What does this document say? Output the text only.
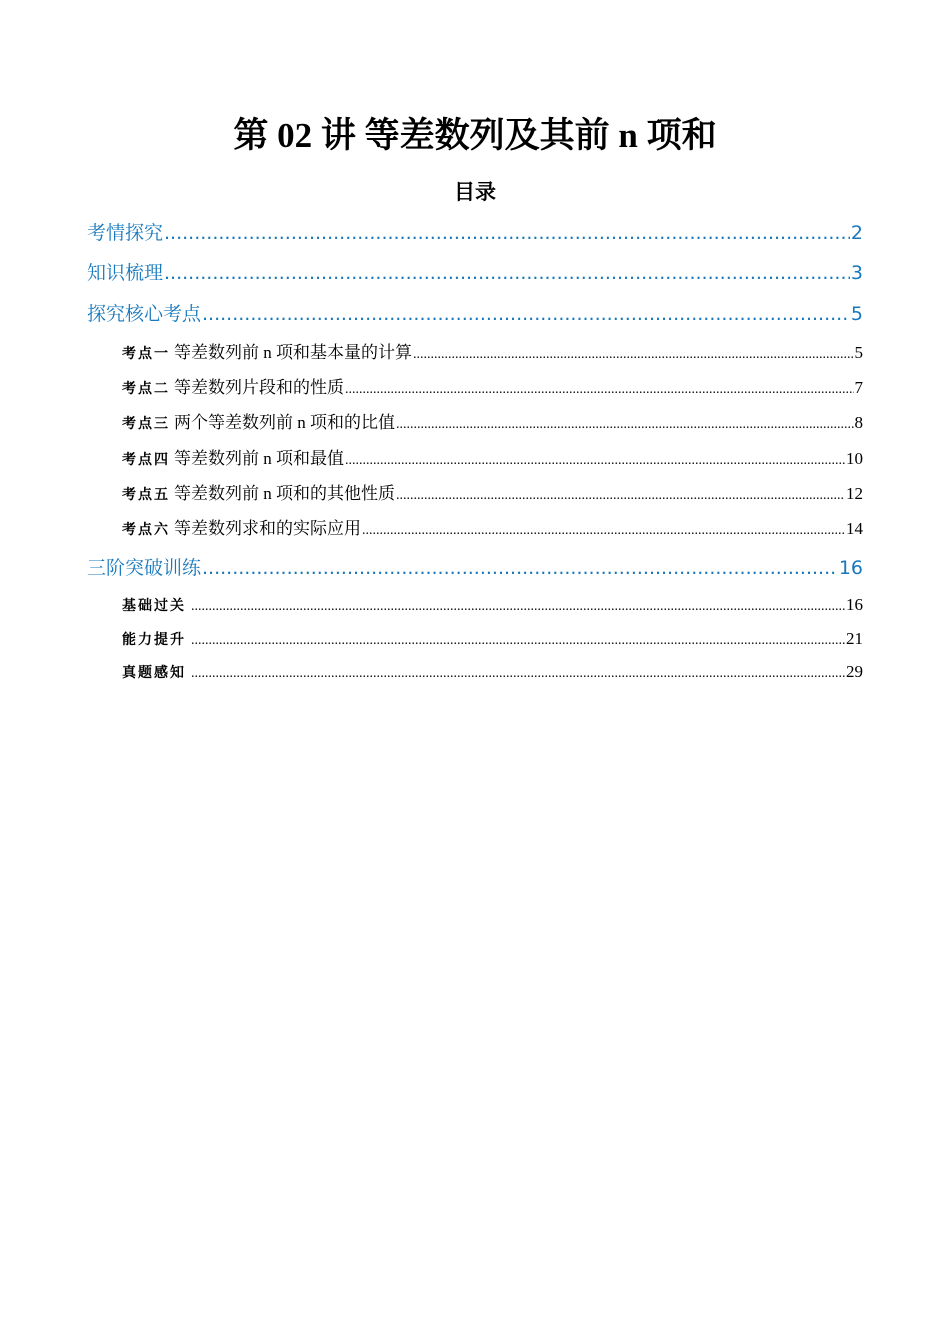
第 02 讲 等差数列及其前 n 项和
目录
考情探究 .....	2
知识梳理 .....	3
探究核心考点 .....	5
考点一 等差数列前 n 项和基本量的计算 .....	5
考点二 等差数列片段和的性质 .....	7
考点三 两个等差数列前 n 项和的比值 .....	8
考点四 等差数列前 n 项和最值 .....	10
考点五 等差数列前 n 项和的其他性质 .....	12
考点六 等差数列求和的实际应用 .....	14
三阶突破训练 .....	16
基础过关 .....	16
能力提升 .....	21
真题感知 .....	29
